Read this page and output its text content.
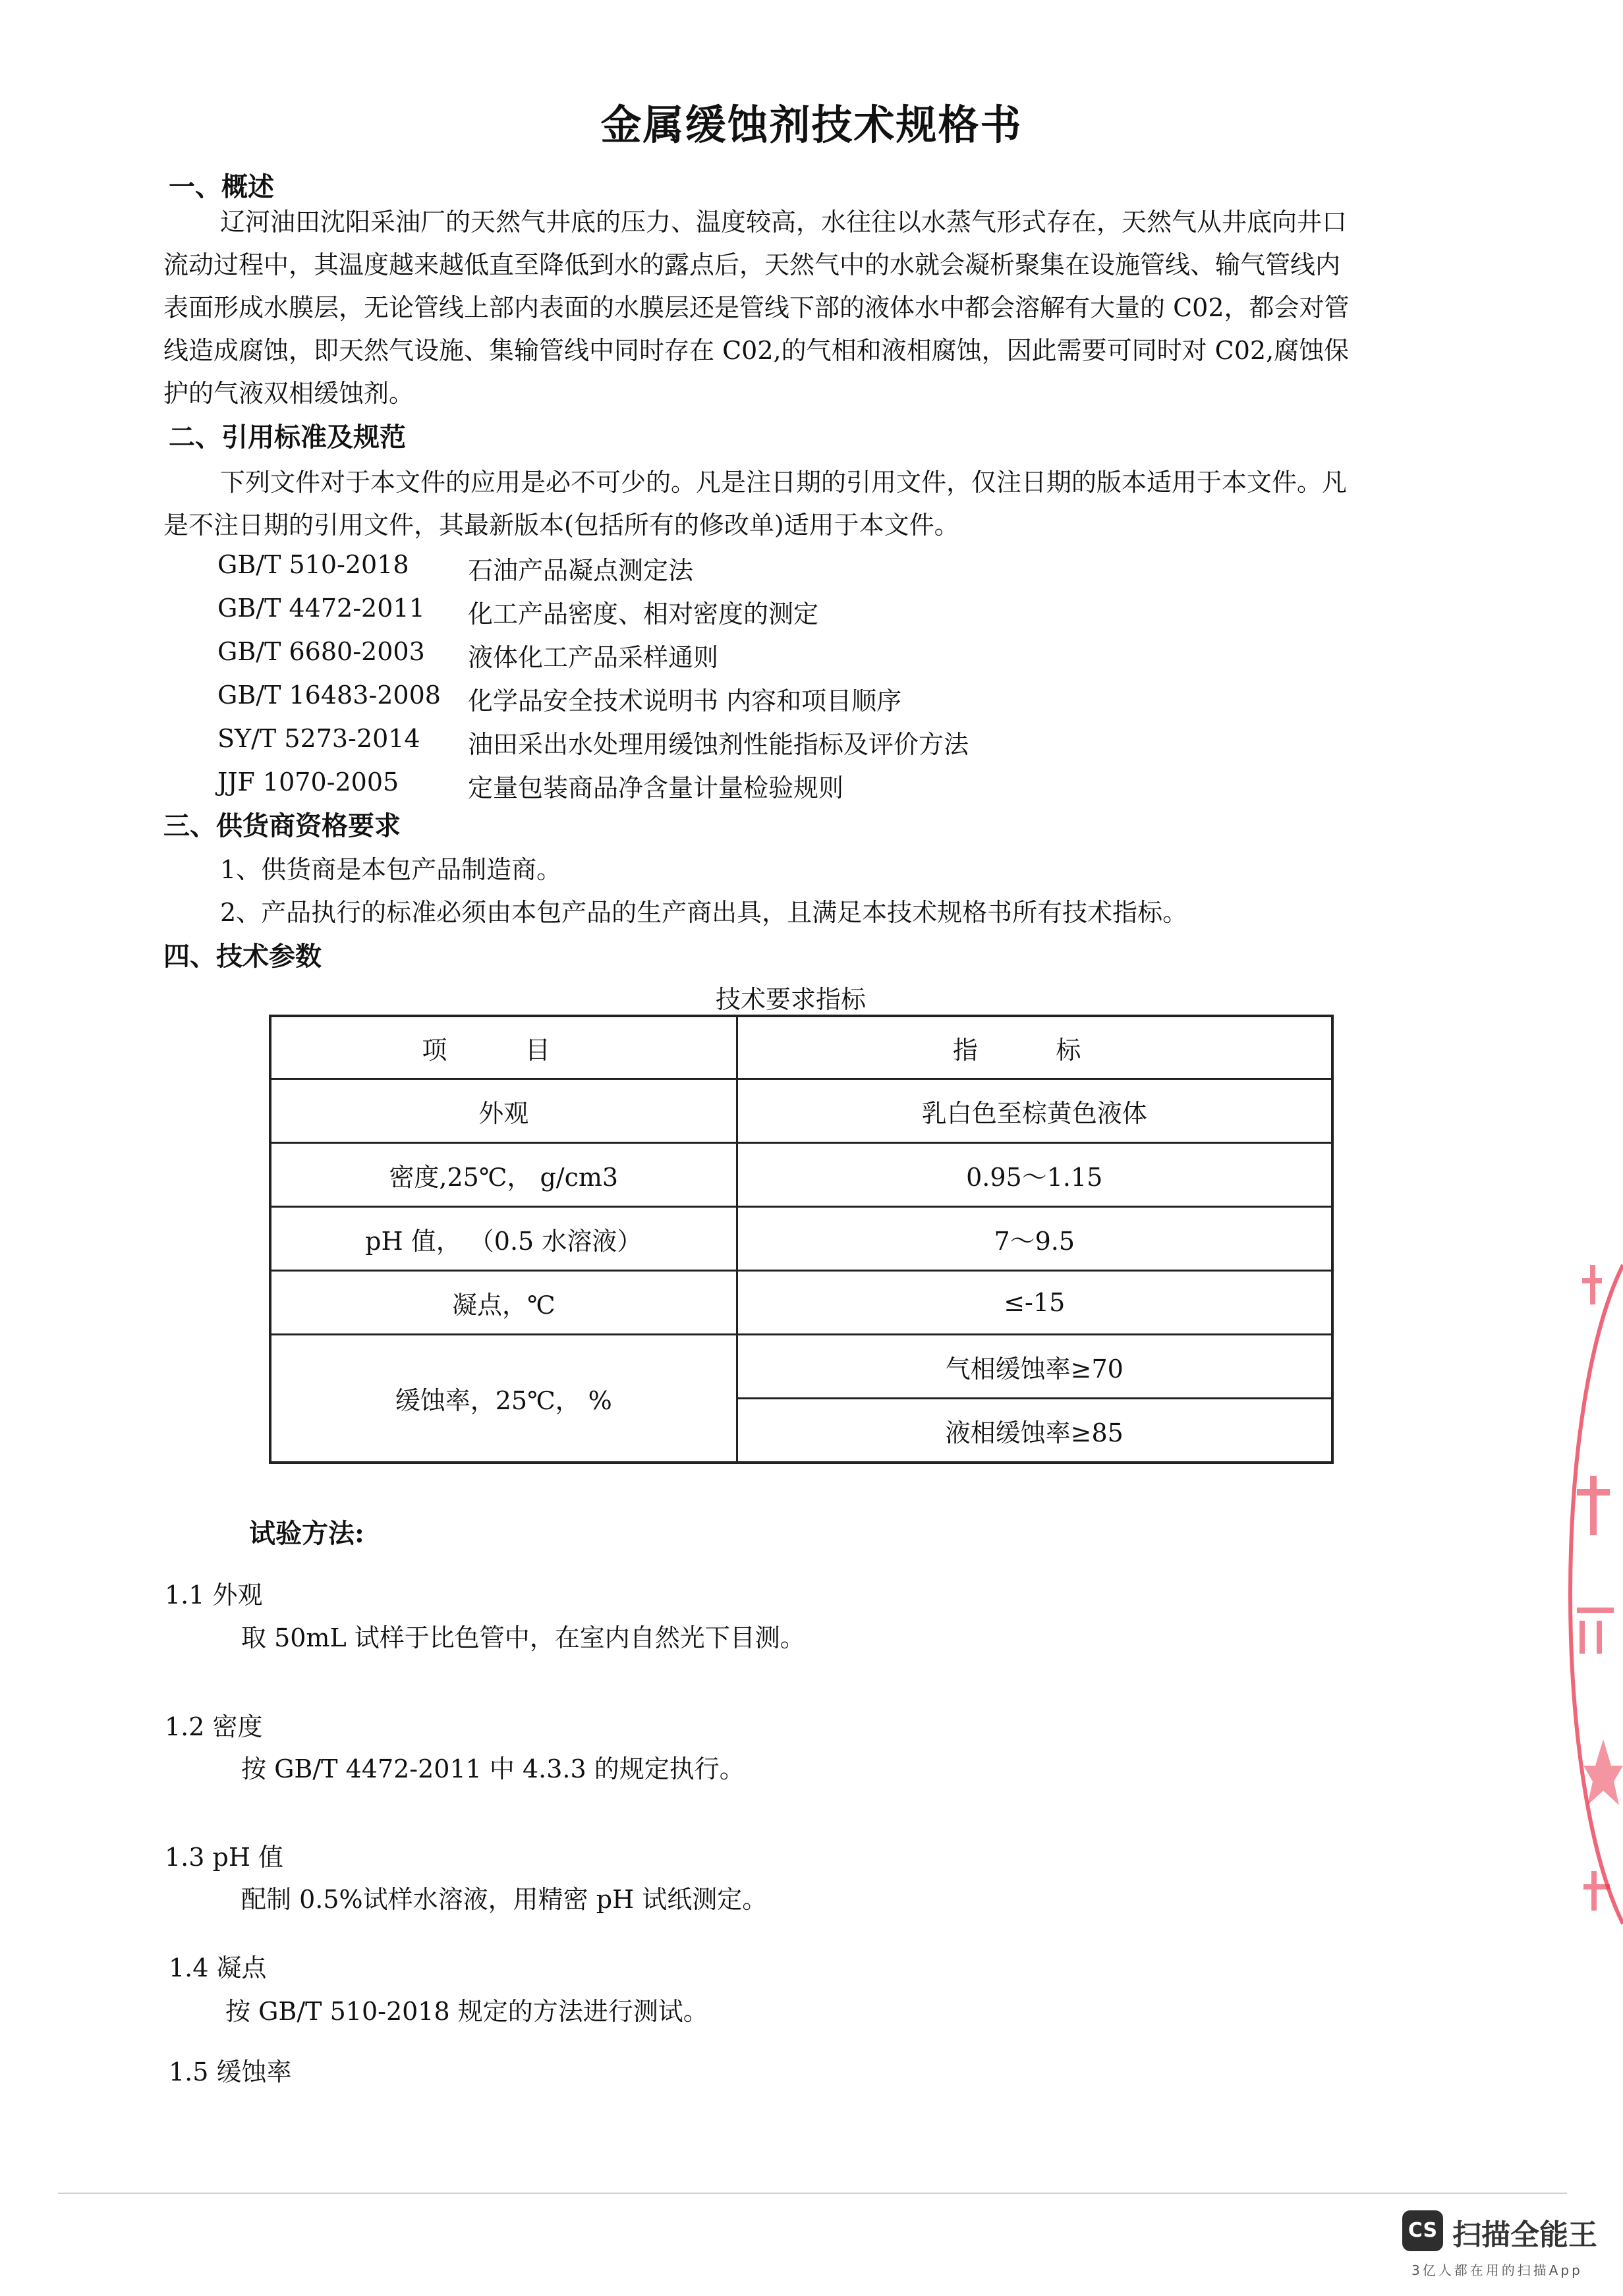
金属缓蚀剂技术规格书
一、概述
辽河油田沈阳采油厂的天然气井底的压力、温度较高，水往往以水蒸气形式存在，天然气从井底向井口
流动过程中，其温度越来越低直至降低到水的露点后，天然气中的水就会凝析聚集在设施管线、输气管线内
表面形成水膜层，无论管线上部内表面的水膜层还是管线下部的液体水中都会溶解有大量的 C02，都会对管
线造成腐蚀，即天然气设施、集输管线中同时存在 C02,的气相和液相腐蚀，因此需要可同时对 C02,腐蚀保
护的气液双相缓蚀剂。
二、引用标准及规范
下列文件对于本文件的应用是必不可少的。凡是注日期的引用文件，仅注日期的版本适用于本文件。凡
是不注日期的引用文件，其最新版本(包括所有的修改单)适用于本文件。
GB/T 510-2018	石油产品凝点测定法
GB/T 4472-2011	化工产品密度、相对密度的测定
GB/T 6680-2003	液体化工产品采样通则
GB/T 16483-2008	化学品安全技术说明书 内容和项目顺序
SY/T 5273-2014	油田采出水处理用缓蚀剂性能指标及评价方法
JJF 1070-2005	定量包装商品净含量计量检验规则
三、供货商资格要求
1、供货商是本包产品制造商。
2、产品执行的标准必须由本包产品的生产商出具，且满足本技术规格书所有技术指标。
四、技术参数
技术要求指标
项 目	指 标
外观	乳白色至棕黄色液体
密度,25℃， g/cm3	0.95～1.15
pH 值， （0.5 水溶液）	7～9.5
凝点，℃	≤-15
缓蚀率，25℃， %	气相缓蚀率≥70
	液相缓蚀率≥85
试验方法:
1.1 外观
取 50mL 试样于比色管中，在室内自然光下目测。
1.2 密度
按 GB/T 4472-2011 中 4.3.3 的规定执行。
1.3 pH 值
配制 0.5%试样水溶液，用精密 pH 试纸测定。
1.4 凝点
按 GB/T 510-2018 规定的方法进行测试。
1.5 缓蚀率
CS 扫描全能王
3亿人都在用的扫描App
